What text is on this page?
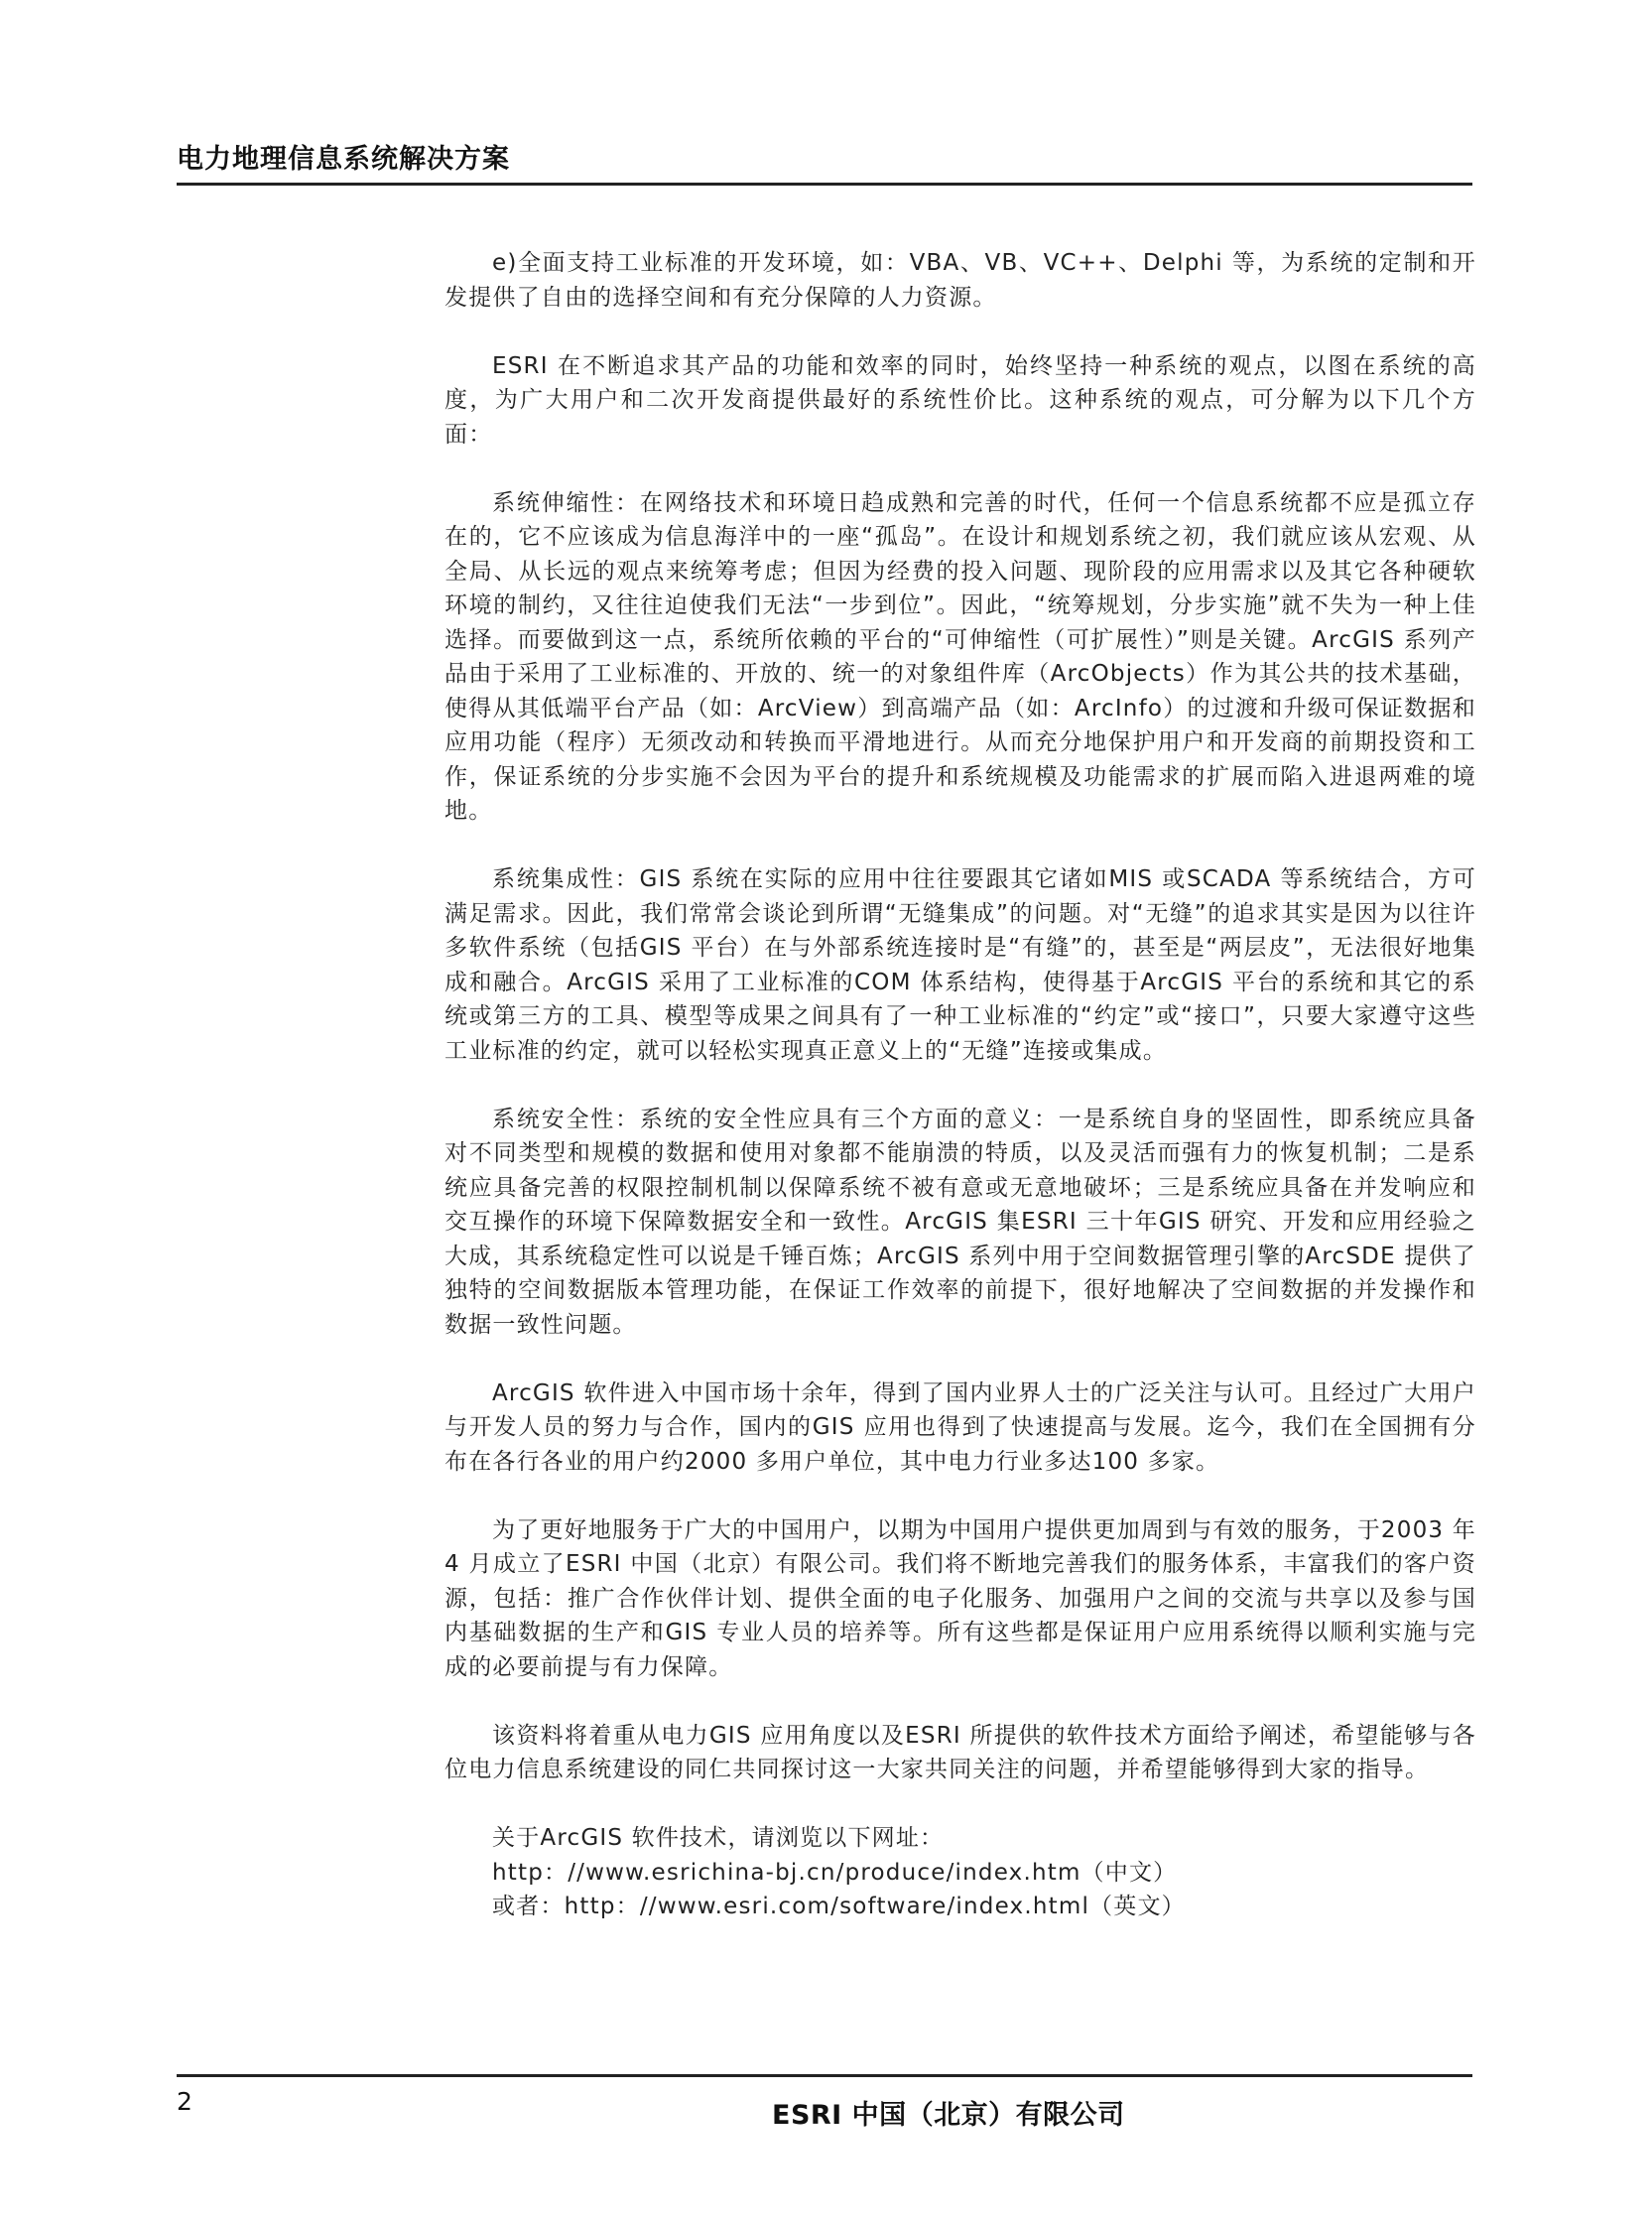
电力地理信息系统解决方案

e)全面支持工业标准的开发环境，如：VBA、VB、VC++、Delphi 等，为系统的定制和开发提供了自由的选择空间和有充分保障的人力资源。

ESRI 在不断追求其产品的功能和效率的同时，始终坚持一种系统的观点，以图在系统的高度，为广大用户和二次开发商提供最好的系统性价比。这种系统的观点，可分解为以下几个方面：

系统伸缩性：在网络技术和环境日趋成熟和完善的时代，任何一个信息系统都不应是孤立存在的，它不应该成为信息海洋中的一座“孤岛”。在设计和规划系统之初，我们就应该从宏观、从全局、从长远的观点来统筹考虑；但因为经费的投入问题、现阶段的应用需求以及其它各种硬软环境的制约，又往往迫使我们无法“一步到位”。因此，“统筹规划，分步实施”就不失为一种上佳选择。而要做到这一点，系统所依赖的平台的“可伸缩性（可扩展性）”则是关键。ArcGIS 系列产品由于采用了工业标准的、开放的、统一的对象组件库（ArcObjects）作为其公共的技术基础，使得从其低端平台产品（如：ArcView）到高端产品（如：ArcInfo）的过渡和升级可保证数据和应用功能（程序）无须改动和转换而平滑地进行。从而充分地保护用户和开发商的前期投资和工作，保证系统的分步实施不会因为平台的提升和系统规模及功能需求的扩展而陷入进退两难的境地。

系统集成性：GIS 系统在实际的应用中往往要跟其它诸如MIS 或SCADA 等系统结合，方可满足需求。因此，我们常常会谈论到所谓“无缝集成”的问题。对“无缝”的追求其实是因为以往许多软件系统（包括GIS 平台）在与外部系统连接时是“有缝”的，甚至是“两层皮”，无法很好地集成和融合。ArcGIS 采用了工业标准的COM 体系结构，使得基于ArcGIS 平台的系统和其它的系统或第三方的工具、模型等成果之间具有了一种工业标准的“约定”或“接口”，只要大家遵守这些工业标准的约定，就可以轻松实现真正意义上的“无缝”连接或集成。

系统安全性：系统的安全性应具有三个方面的意义：一是系统自身的坚固性，即系统应具备对不同类型和规模的数据和使用对象都不能崩溃的特质，以及灵活而强有力的恢复机制；二是系统应具备完善的权限控制机制以保障系统不被有意或无意地破坏；三是系统应具备在并发响应和交互操作的环境下保障数据安全和一致性。ArcGIS 集ESRI 三十年GIS 研究、开发和应用经验之大成，其系统稳定性可以说是千锤百炼；ArcGIS 系列中用于空间数据管理引擎的ArcSDE 提供了独特的空间数据版本管理功能，在保证工作效率的前提下，很好地解决了空间数据的并发操作和数据一致性问题。

ArcGIS 软件进入中国市场十余年，得到了国内业界人士的广泛关注与认可。且经过广大用户与开发人员的努力与合作，国内的GIS 应用也得到了快速提高与发展。迄今，我们在全国拥有分布在各行各业的用户约2000 多用户单位，其中电力行业多达100 多家。

为了更好地服务于广大的中国用户，以期为中国用户提供更加周到与有效的服务，于2003 年4 月成立了ESRI 中国（北京）有限公司。我们将不断地完善我们的服务体系，丰富我们的客户资源，包括：推广合作伙伴计划、提供全面的电子化服务、加强用户之间的交流与共享以及参与国内基础数据的生产和GIS 专业人员的培养等。所有这些都是保证用户应用系统得以顺利实施与完成的必要前提与有力保障。

该资料将着重从电力GIS 应用角度以及ESRI 所提供的软件技术方面给予阐述，希望能够与各位电力信息系统建设的同仁共同探讨这一大家共同关注的问题，并希望能够得到大家的指导。

关于ArcGIS 软件技术，请浏览以下网址：
http：//www.esrichina-bj.cn/produce/index.htm（中文）
或者：http：//www.esri.com/software/index.html（英文）
2	ESRI 中国（北京）有限公司
